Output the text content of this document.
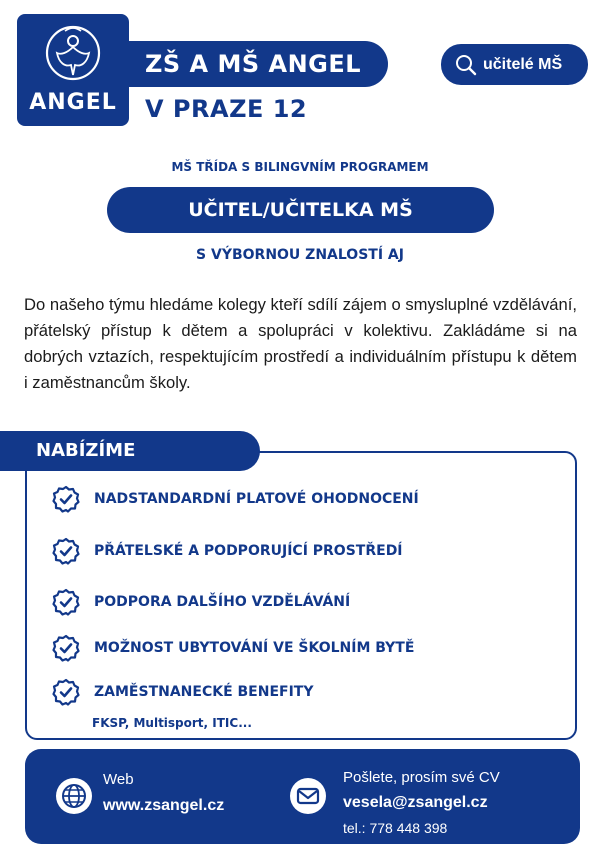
ANGEL
ZŠ A MŠ ANGEL
V PRAZE 12
učitelé MŠ
MŠ TŘÍDA S BILINGVNÍM PROGRAMEM
UČITEL/UČITELKA MŠ
S VÝBORNOU ZNALOSTÍ AJ

Do našeho týmu hledáme kolegy kteří sdílí zájem o smysluplné vzdělávání, přátelský přístup k dětem a spolupráci v kolektivu. Zakládáme si na dobrých vztazích, respektujícím prostředí a individuálním přístupu k dětem i zaměstnancům školy.

NABÍZÍME
NADSTANDARDNÍ PLATOVÉ OHODNOCENÍ
PŘÁTELSKÉ A PODPORUJÍCÍ PROSTŘEDÍ
PODPORA DALŠÍHO VZDĚLÁVÁNÍ
MOŽNOST UBYTOVÁNÍ VE ŠKOLNÍM BYTĚ
ZAMĚSTNANECKÉ BENEFITY
FKSP, Multisport, ITIC...
Web
www.zsangel.cz
Pošlete, prosím své CV
vesela@zsangel.cz
tel.: 778 448 398
